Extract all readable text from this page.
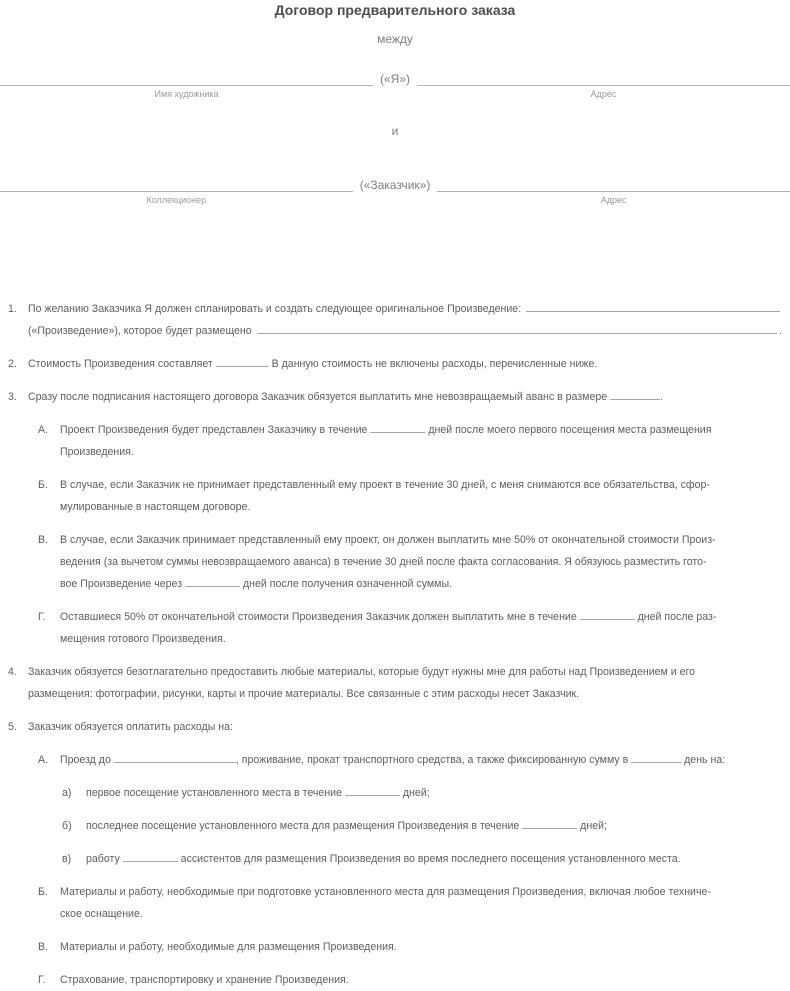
Договор предварительного заказа
между
Имя художника
(«Я»)
Адрес
и
Коллекционер
(«Заказчик»)
Адрес
1.	По желанию Заказчика Я должен спланировать и создать следующее оригинальное Произведение:
(«Произведение»), которое будет размещено	.
2.	Стоимость Произведения составляет	. В данную стоимость не включены расходы, перечисленные ниже.
3.	Сразу после подписания настоящего договора Заказчик обязуется выплатить мне невозвращаемый аванс в размере	.
А.	Проект Произведения будет представлен Заказчику в течение	дней после моего первого посещения места размещения
Произведения.
Б.	В случае, если Заказчик не принимает представленный ему проект в течение 30 дней, с меня снимаются все обязательства, сфор-
мулированные в настоящем договоре.
В.	В случае, если Заказчик принимает представленный ему проект, он должен выплатить мне 50% от окончательной стоимости Произ-
ведения (за вычетом суммы невозвращаемого аванса) в течение 30 дней после факта согласования. Я обязуюсь разместить гото-
вое Произведение через	дней после получения означенной суммы.
Г.	Оставшиеся 50% от окончательной стоимости Произведения Заказчик должен выплатить мне в течение	дней после раз-
мещения готового Произведения.
4.	Заказчик обязуется безотлагательно предоставить любые материалы, которые будут нужны мне для работы над Произведением и его
размещения: фотографии, рисунки, карты и прочие материалы. Все связанные с этим расходы несет Заказчик.
5.	Заказчик обязуется оплатить расходы на:
А.	Проезд до	, проживание, прокат транспортного средства, а также фиксированную сумму в	день на:
а)	первое посещение установленного места в течение	дней;
б)	последнее посещение установленного места для размещения Произведения в течение	дней;
в)	работу	ассистентов для размещения Произведения во время последнего посещения установленного места.
Б.	Материалы и работу, необходимые при подготовке установленного места для размещения Произведения, включая любое техниче-
ское оснащение.
В.	Материалы и работу, необходимые для размещения Произведения.
Г.	Страхование, транспортировку и хранение Произведения.
